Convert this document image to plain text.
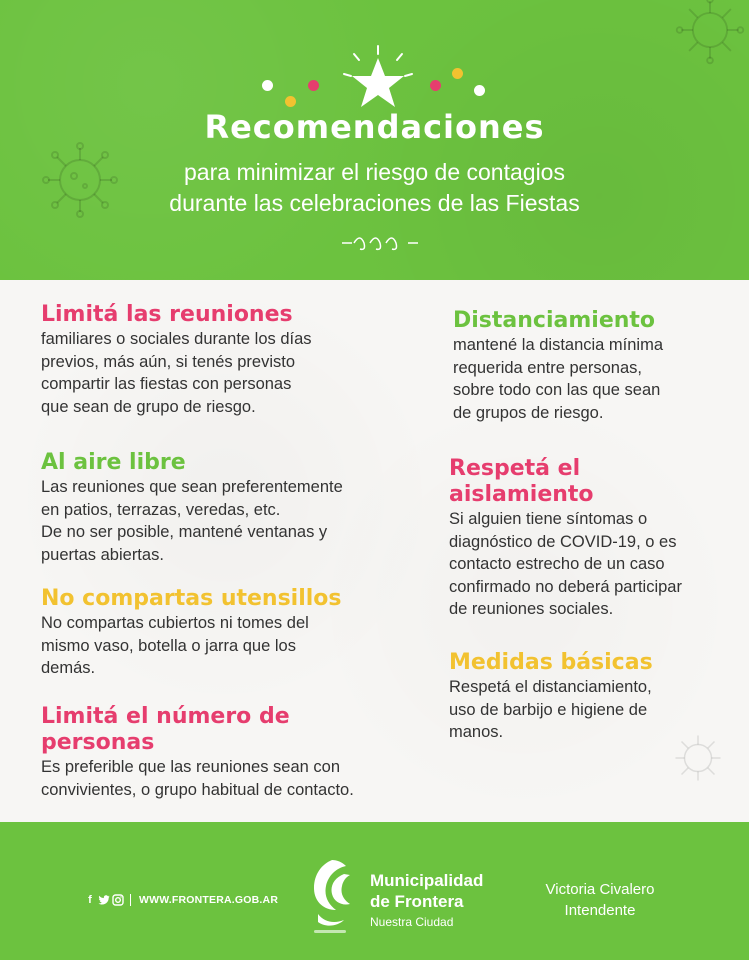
Recomendaciones
para minimizar el riesgo de contagios
durante las celebraciones de las Fiestas
Limitá las reuniones

familiares o sociales durante los días

previos, más aún, si tenés previsto

compartir las fiestas con personas

que sean de grupo de riesgo.

Al aire libre

Las reuniones que sean preferentemente

en patios, terrazas, veredas, etc.

De no ser posible, mantené ventanas y

puertas abiertas.

No compartas utensillos

No compartas cubiertos ni tomes del

mismo vaso, botella o jarra que los

demás.

Limitá el número de
personas

Es preferible que las reuniones sean con

convivientes, o grupo habitual de contacto.

Distanciamiento

mantené la distancia mínima

requerida entre personas,

sobre todo con las que sean

de grupos de riesgo.

Respetá el
aislamiento

Si alguien tiene síntomas o

diagnóstico de COVID-19, o es

contacto estrecho de un caso

confirmado no deberá participar

de reuniones sociales.

Medidas básicas

Respetá el distanciamiento,

uso de barbijo e higiene de

manos.

f	WWW.FRONTERA.GOB.AR
Municipalidad
de Frontera
Nuestra Ciudad
Victoria Civalero
Intendente
